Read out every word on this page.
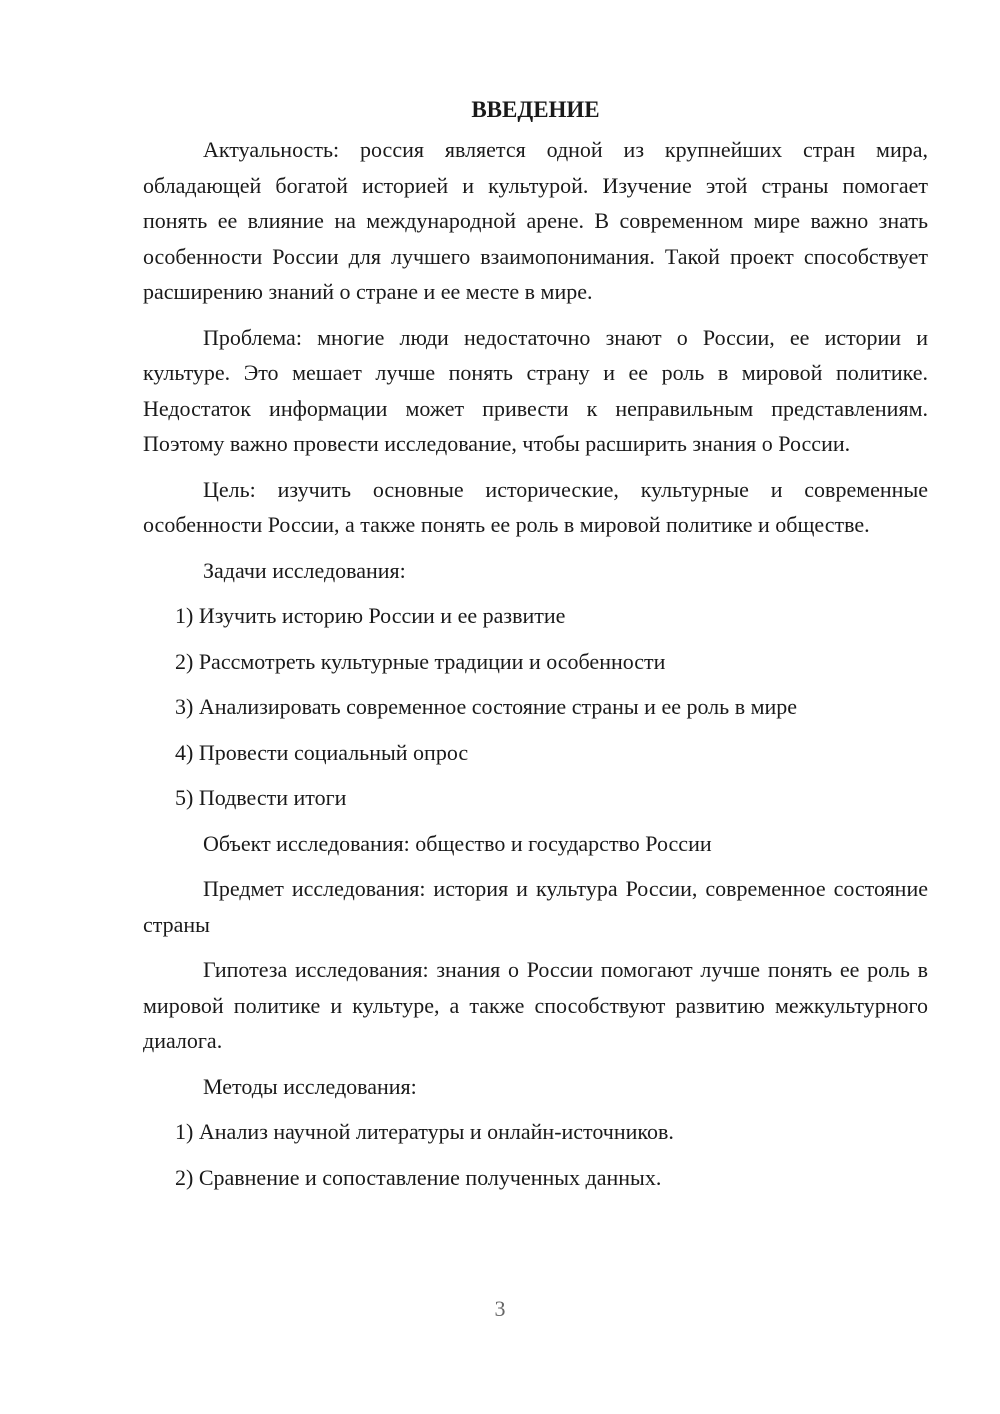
ВВЕДЕНИЕ

Актуальность: россия является одной из крупнейших стран мира, обладающей богатой историей и культурой. Изучение этой страны помогает понять ее влияние на международной арене. В современном мире важно знать особенности России для лучшего взаимопонимания. Такой проект способствует расширению знаний о стране и ее месте в мире.

Проблема: многие люди недостаточно знают о России, ее истории и культуре. Это мешает лучше понять страну и ее роль в мировой политике. Недостаток информации может привести к неправильным представлениям. Поэтому важно провести исследование, чтобы расширить знания о России.

Цель: изучить основные исторические, культурные и современные особенности России, а также понять ее роль в мировой политике и обществе.

Задачи исследования:

1) Изучить историю России и ее развитие

2) Рассмотреть культурные традиции и особенности

3) Анализировать современное состояние страны и ее роль в мире

4) Провести социальный опрос

5) Подвести итоги

Объект исследования: общество и государство России

Предмет исследования: история и культура России, современное состояние страны

Гипотеза исследования: знания о России помогают лучше понять ее роль в мировой политике и культуре, а также способствуют развитию межкультурного диалога.

Методы исследования:

1) Анализ научной литературы и онлайн-источников.

2) Сравнение и сопоставление полученных данных.

3
